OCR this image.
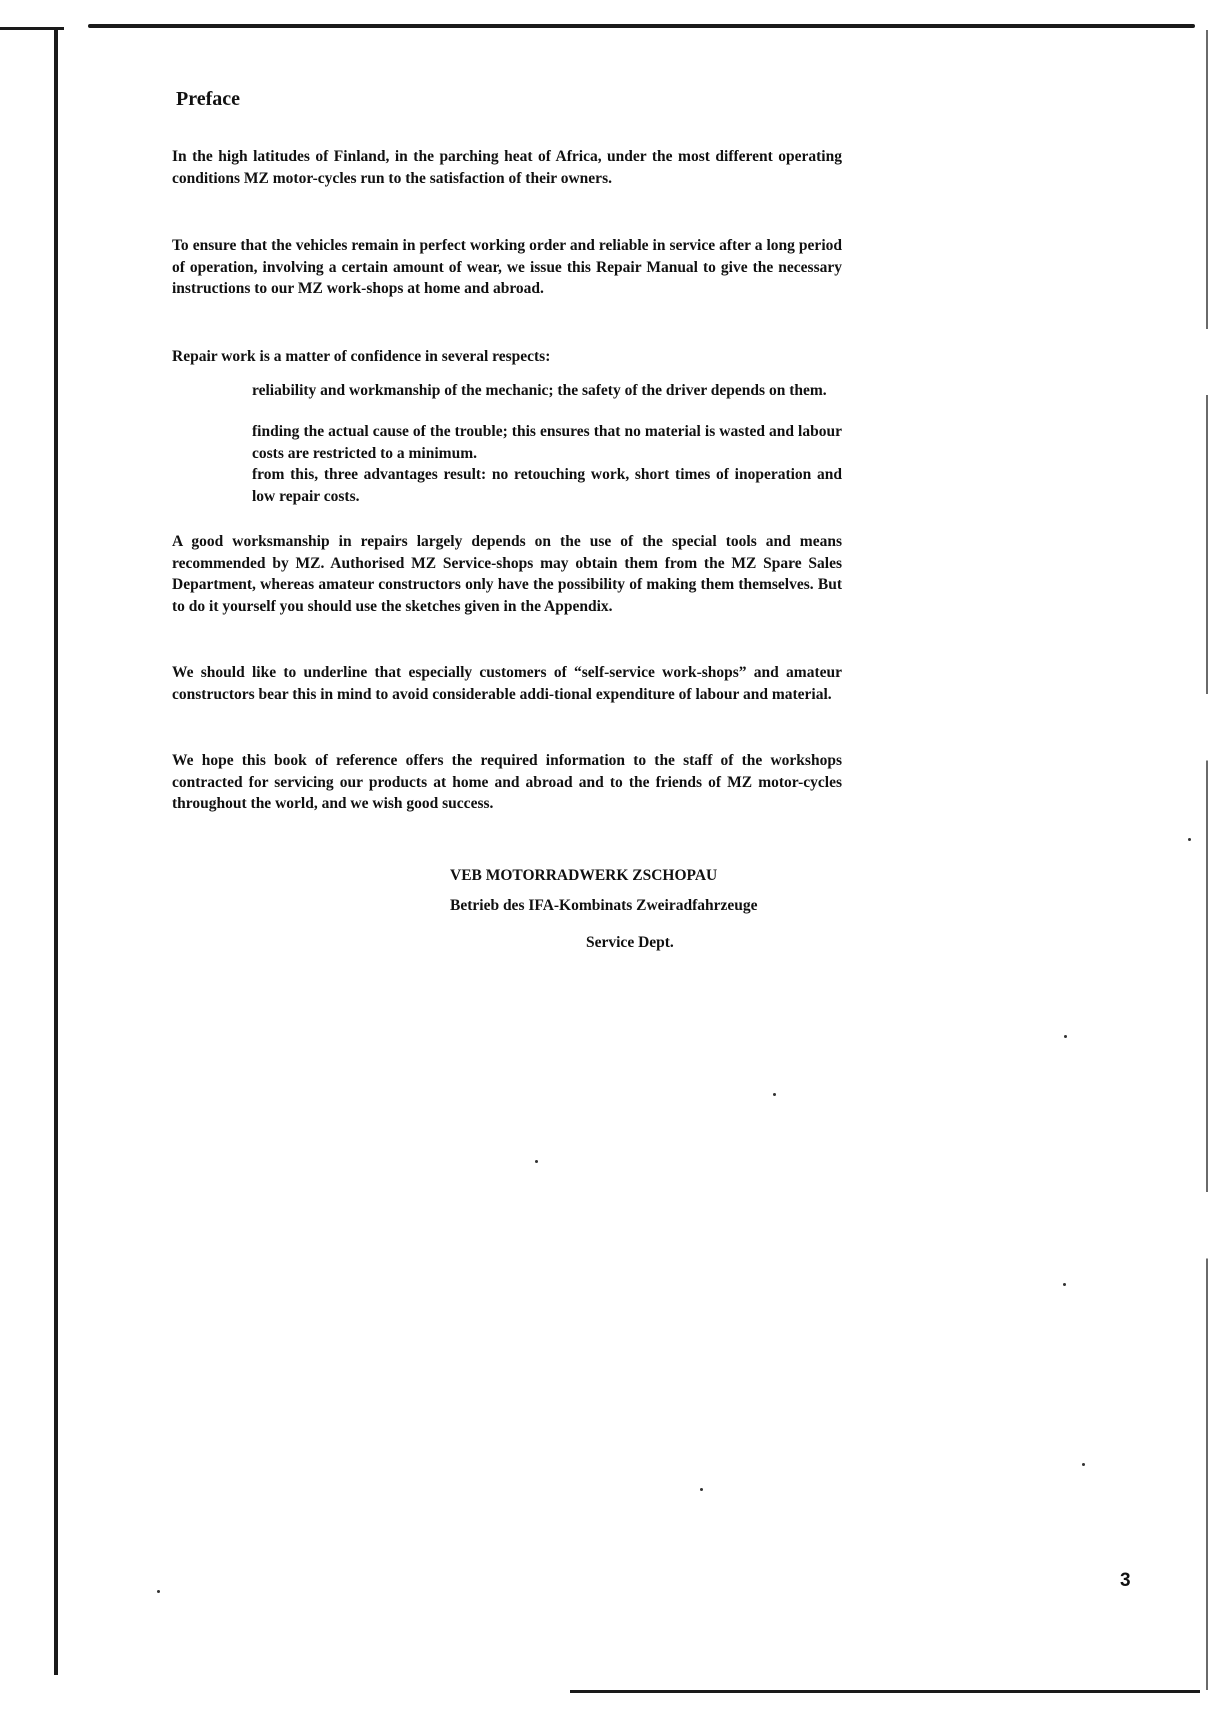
Preface

In the high latitudes of Finland, in the parching heat of Africa, under the most different operating conditions MZ motor-cycles run to the satisfaction of their owners.

To ensure that the vehicles remain in perfect working order and reliable in service after a long period of operation, involving a certain amount of wear, we issue this Repair Manual to give the necessary instructions to our MZ work-shops at home and abroad.

Repair work is a matter of confidence in several respects:

reliability and workmanship of the mechanic; the safety of the driver depends on them.

finding the actual cause of the trouble; this ensures that no material is wasted and labour costs are restricted to a minimum.

from this, three advantages result: no retouching work, short times of inoperation and low repair costs.

A good worksmanship in repairs largely depends on the use of the special tools and means recommended by MZ. Authorised MZ Service-shops may obtain them from the MZ Spare Sales Department, whereas amateur constructors only have the possibility of making them themselves. But to do it yourself you should use the sketches given in the Appendix.

We should like to underline that especially customers of “self-service work-shops” and amateur constructors bear this in mind to avoid considerable addi-tional expenditure of labour and material.

We hope this book of reference offers the required information to the staff of the workshops contracted for servicing our products at home and abroad and to the friends of MZ motor-cycles throughout the world, and we wish good success.

VEB MOTORRADWERK ZSCHOPAU

Betrieb des IFA-Kombinats Zweiradfahrzeuge

Service Dept.

3
